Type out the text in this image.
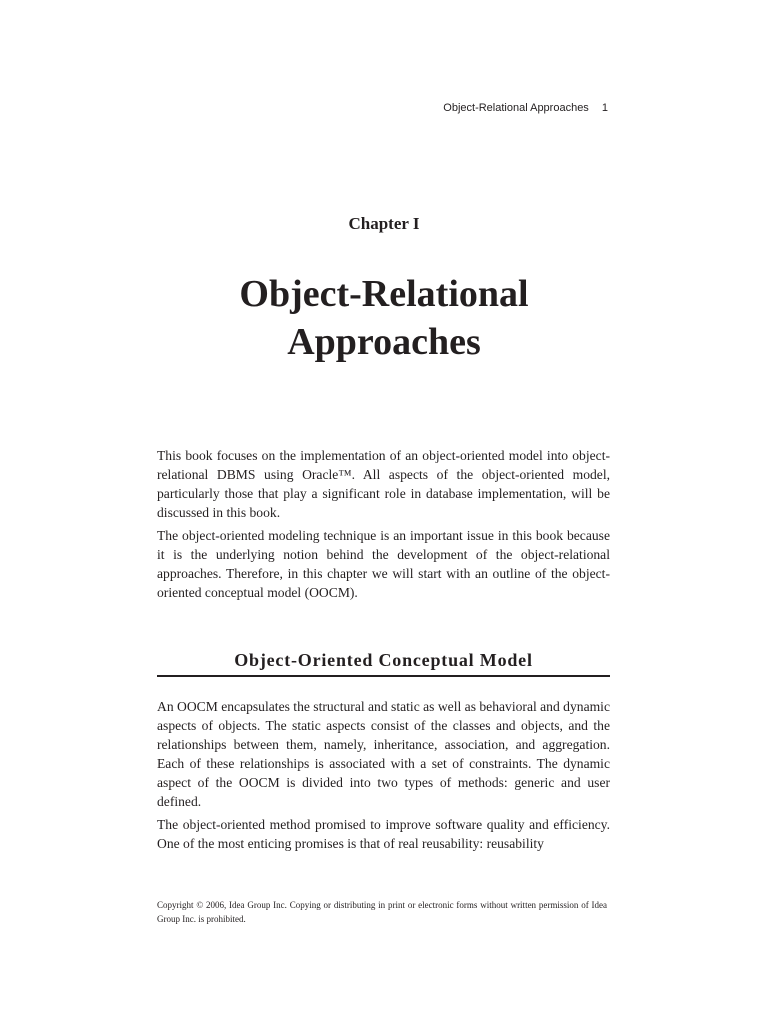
Object-Relational Approaches 1
Chapter I
Object-Relational
Approaches

This book focuses on the implementation of an object-oriented model into object-relational DBMS using Oracle™. All aspects of the object-oriented model, particularly those that play a significant role in database implementation, will be discussed in this book.

The object-oriented modeling technique is an important issue in this book because it is the underlying notion behind the development of the object-relational approaches. Therefore, in this chapter we will start with an outline of the object-oriented conceptual model (OOCM).

Object-Oriented Conceptual Model

An OOCM encapsulates the structural and static as well as behavioral and dynamic aspects of objects. The static aspects consist of the classes and objects, and the relationships between them, namely, inheritance, association, and aggregation. Each of these relationships is associated with a set of constraints. The dynamic aspect of the OOCM is divided into two types of methods: generic and user defined.

The object-oriented method promised to improve software quality and efficiency. One of the most enticing promises is that of real reusability: reusability

Copyright © 2006, Idea Group Inc. Copying or distributing in print or electronic forms without written permission of Idea Group Inc. is prohibited.
